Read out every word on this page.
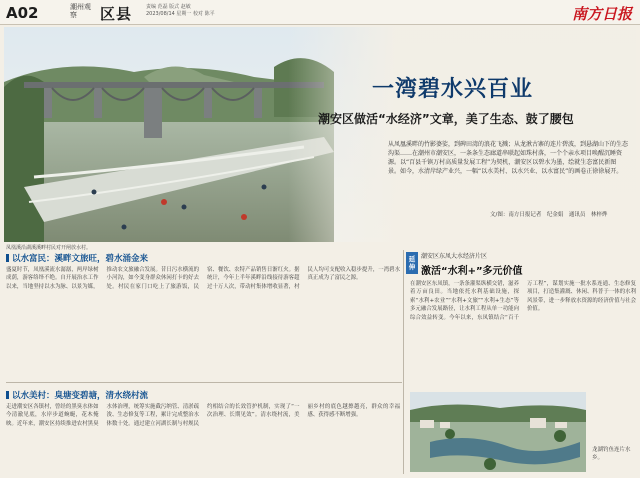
A02	潮州观察	区县	责编 范磊 版式 赵敏
2023/08/14 星期一 校对 陈平	南方日报
凤凰溪沿湖溪溪畔村民对开闸放水村。
一湾碧水兴百业
潮安区做活“水经济”文章，美了生态、鼓了腰包
从凤凰溪畔的竹影婆娑，到碑田湾的浪花飞溅；从龙湫古寨的连片碧波，到悬湖山下的生态沟渠……在潮州市潮安区，一条条生态廊道串联起如珠村落，一个个亲水项目唤醒沉睡资源。以“百县千镇万村高质量发展工程”为契机，潮安区以碧水为墨，绘就生态富民新图景。如今，水清岸绿产业兴，一幅“以水美村、以水兴业、以水富民”的画卷正徐徐展开。
文/图：南方日报记者　纪金娟　通讯员　林梓烨
以水富民：溪畔文旅旺，碧水涌金来
盛夏时节，凤凰溪流水潺潺，两岸绿树成荫，游客络绎不绝。自开展治水工作以来，当地坚持以水为脉、以景为媒，推动农文旅融合发展。昔日污水横流的小河沟，如今变身群众休闲打卡的好去处。村民在家门口吃上了旅游饭，民宿、餐饮、农特产品销售日渐红火。据统计，今年上半年溪畔沿线接待游客超过十万人次，带动村集体增收显著，村民人均可支配收入稳步提升，一湾碧水真正成为了富民之源。
以水美村：臭塘变碧塘，清水绕村流
走进潮安区各镇村，曾经的黑臭水体如今清澈见底，水岸步道蜿蜒，花木掩映。近年来，潮安区持续推进农村黑臭水体治理，统筹实施截污纳管、清淤疏浚、生态修复等工程，累计完成整治水体数十处。通过建立河湖长制与村规民约相结合的长效管护机制，实现了“一次治理、长期见效”。清水绕村流，美丽乡村的底色越擦越亮，群众的幸福感、获得感不断增强。
延伸
潮安区东凤大水经济片区
激活“水利+”多元价值
在潮安区东凤镇，一条条灌渠纵横交错，滋养着万亩良田。当地依托水利基础设施，探索“水利+农业”“水利+文旅”“水利+生态”等多元融合发展路径，让水利工程从单一功能向综合效益转变。今年以来，东凤镇结合“百千万工程”，谋划实施一批水系连通、生态修复项目，打造集灌溉、休闲、科普于一体的水利风景带，进一步释放水资源的经济价值与社会价值。
龙湖钓鱼连片水乡。
